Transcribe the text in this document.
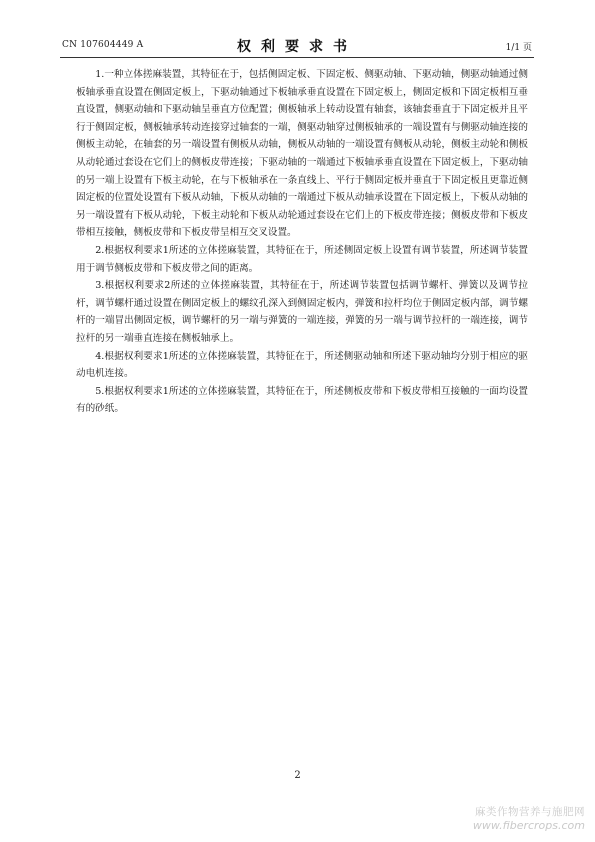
CN 107604449 A	权利要求书	1/1 页

1.一种立体搓麻装置，其特征在于，包括侧固定板、下固定板、侧驱动轴、下驱动轴，侧驱动轴通过侧板轴承垂直设置在侧固定板上，下驱动轴通过下板轴承垂直设置在下固定板上，侧固定板和下固定板相互垂直设置，侧驱动轴和下驱动轴呈垂直方位配置；侧板轴承上转动设置有轴套，该轴套垂直于下固定板并且平行于侧固定板，侧板轴承转动连接穿过轴套的一端，侧驱动轴穿过侧板轴承的一端设置有与侧驱动轴连接的侧板主动轮，在轴套的另一端设置有侧板从动轴，侧板从动轴的一端设置有侧板从动轮，侧板主动轮和侧板从动轮通过套设在它们上的侧板皮带连接；下驱动轴的一端通过下板轴承垂直设置在下固定板上，下驱动轴的另一端上设置有下板主动轮，在与下板轴承在一条直线上、平行于侧固定板并垂直于下固定板且更靠近侧固定板的位置处设置有下板从动轴，下板从动轴的一端通过下板从动轴承设置在下固定板上，下板从动轴的另一端设置有下板从动轮，下板主动轮和下板从动轮通过套设在它们上的下板皮带连接；侧板皮带和下板皮带相互接触，侧板皮带和下板皮带呈相互交叉设置。

2.根据权利要求1所述的立体搓麻装置，其特征在于，所述侧固定板上设置有调节装置，所述调节装置用于调节侧板皮带和下板皮带之间的距离。

3.根据权利要求2所述的立体搓麻装置，其特征在于，所述调节装置包括调节螺杆、弹簧以及调节拉杆，调节螺杆通过设置在侧固定板上的螺纹孔深入到侧固定板内，弹簧和拉杆均位于侧固定板内部，调节螺杆的一端冒出侧固定板，调节螺杆的另一端与弹簧的一端连接，弹簧的另一端与调节拉杆的一端连接，调节拉杆的另一端垂直连接在侧板轴承上。

4.根据权利要求1所述的立体搓麻装置，其特征在于，所述侧驱动轴和所述下驱动轴均分别于相应的驱动电机连接。

5.根据权利要求1所述的立体搓麻装置，其特征在于，所述侧板皮带和下板皮带相互接触的一面均设置有的砂纸。

2
麻类作物营养与施肥网
www.fibercrops.com
